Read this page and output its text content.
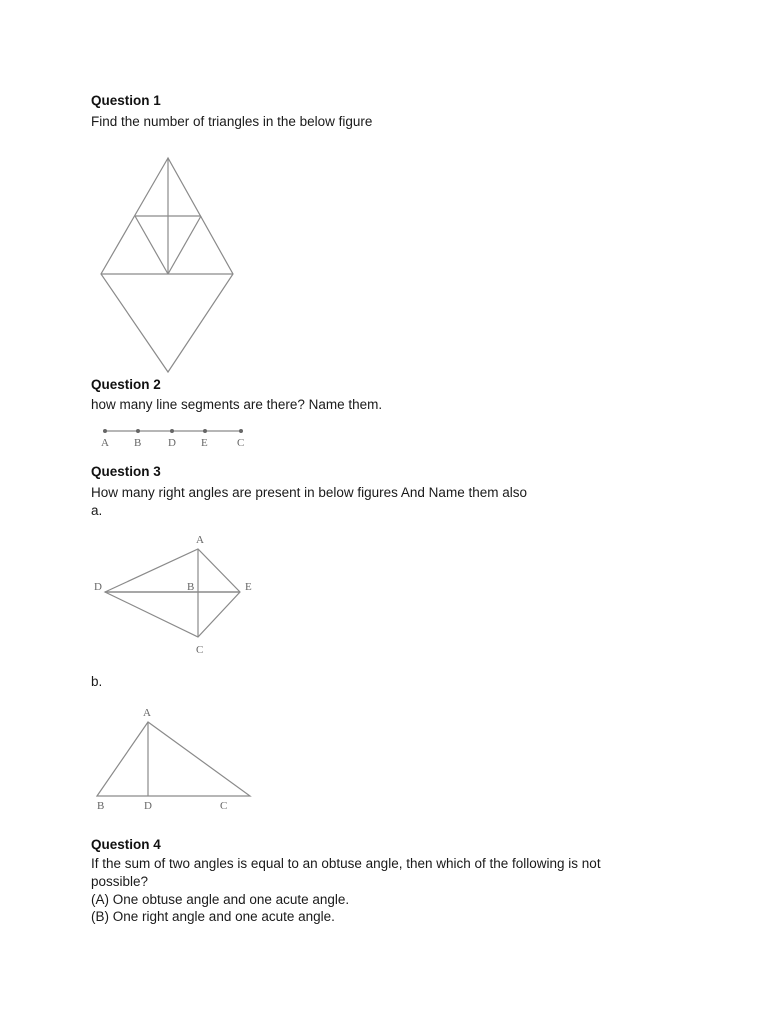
Question 1

Find the number of triangles in the below figure

Question 2

how many line segments are there? Name them.

A B D E	C

Question 3

How many right angles are present in below figures And Name them also

a.

A
B
C
D	E

b.

A
B	D	C

Question 4

If the sum of two angles is equal to an obtuse angle, then which of the following is not

possible?

(A) One obtuse angle and one acute angle.

(B) One right angle and one acute angle.
